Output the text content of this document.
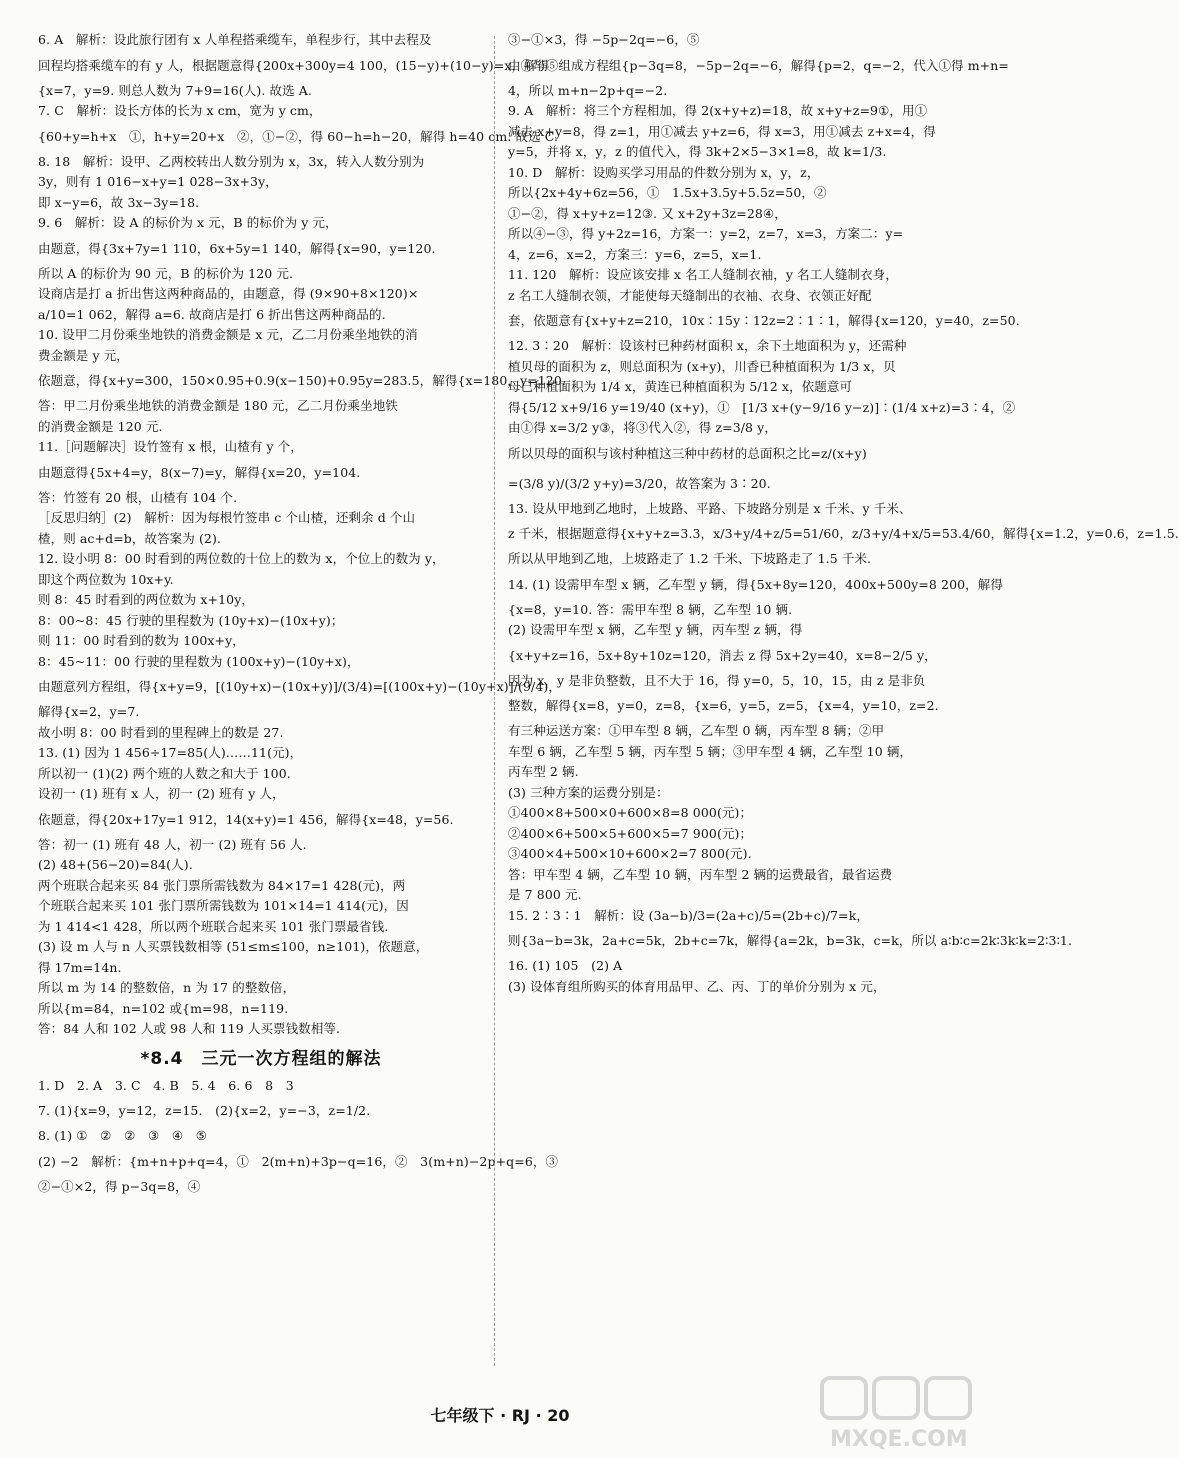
6. A　解析：设此旅行团有 x 人单程搭乘缆车，单程步行，其中去程及
回程均搭乘缆车的有 y 人，根据题意得{200x+300y=4 100，(15−y)+(10−y)=x，解得
{x=7，y=9. 则总人数为 7+9=16(人). 故选 A.
7. C　解析：设长方体的长为 x cm，宽为 y cm，
{60+y=h+x　①，h+y=20+x　②，①−②，得 60−h=h−20，解得 h=40 cm. 故选 C.
8. 18　解析：设甲、乙两校转出人数分别为 x，3x，转入人数分别为
3y，则有 1 016−x+y=1 028−3x+3y，
即 x−y=6，故 3x−3y=18.
9. 6　解析：设 A 的标价为 x 元，B 的标价为 y 元，
由题意，得{3x+7y=1 110，6x+5y=1 140，解得{x=90，y=120.
所以 A 的标价为 90 元，B 的标价为 120 元.
设商店是打 a 折出售这两种商品的，由题意，得 (9×90+8×120)×
a/10=1 062，解得 a=6. 故商店是打 6 折出售这两种商品的.
10. 设甲二月份乘坐地铁的消费金额是 x 元，乙二月份乘坐地铁的消
费金额是 y 元，
依题意，得{x+y=300，150×0.95+0.9(x−150)+0.95y=283.5，解得{x=180，y=120.
答：甲二月份乘坐地铁的消费金额是 180 元，乙二月份乘坐地铁
的消费金额是 120 元.
11.［问题解决］设竹签有 x 根，山楂有 y 个，
由题意得{5x+4=y，8(x−7)=y，解得{x=20，y=104.
答：竹签有 20 根，山楂有 104 个.
［反思归纳］(2)　解析：因为每根竹签串 c 个山楂，还剩余 d 个山
楂，则 ac+d=b，故答案为 (2).
12. 设小明 8：00 时看到的两位数的十位上的数为 x，个位上的数为 y，
即这个两位数为 10x+y.
则 8：45 时看到的两位数为 x+10y，
8：00~8：45 行驶的里程数为 (10y+x)−(10x+y)；
则 11：00 时看到的数为 100x+y，
8：45~11：00 行驶的里程数为 (100x+y)−(10y+x)，
由题意列方程组，得{x+y=9，[(10y+x)−(10x+y)]/(3/4)=[(100x+y)−(10y+x)]/(9/4)，
解得{x=2，y=7.
故小明 8：00 时看到的里程碑上的数是 27.
13. (1) 因为 1 456÷17=85(人)……11(元)，
所以初一 (1)(2) 两个班的人数之和大于 100.
设初一 (1) 班有 x 人，初一 (2) 班有 y 人，
依题意，得{20x+17y=1 912，14(x+y)=1 456，解得{x=48，y=56.
答：初一 (1) 班有 48 人，初一 (2) 班有 56 人.
(2) 48+(56−20)=84(人).
两个班联合起来买 84 张门票所需钱数为 84×17=1 428(元)，两
个班联合起来买 101 张门票所需钱数为 101×14=1 414(元)，因
为 1 414<1 428，所以两个班联合起来买 101 张门票最省钱.
(3) 设 m 人与 n 人买票钱数相等 (51≤m≤100，n≥101)，依题意，
得 17m=14n.
所以 m 为 14 的整数倍，n 为 17 的整数倍，
所以{m=84，n=102 或{m=98，n=119.
答：84 人和 102 人或 98 人和 119 人买票钱数相等.
*8.4　三元一次方程组的解法
1. D　2. A　3. C　4. B　5. 4　6. 6　8　3
7. (1){x=9，y=12，z=15.　(2){x=2，y=−3，z=1/2.
8. (1) ①　②　②　③　④　⑤
(2) −2　解析：{m+n+p+q=4，①　2(m+n)+3p−q=16，②　3(m+n)−2p+q=6，③
②−①×2，得 p−3q=8，④
③−①×3，得 −5p−2q=−6，⑤
由④与⑤组成方程组{p−3q=8，−5p−2q=−6，解得{p=2，q=−2，代入①得 m+n=
4，所以 m+n−2p+q=−2.
9. A　解析：将三个方程相加，得 2(x+y+z)=18，故 x+y+z=9①，用①
减去 x+y=8，得 z=1，用①减去 y+z=6，得 x=3，用①减去 z+x=4，得
y=5，并将 x，y，z 的值代入，得 3k+2×5−3×1=8，故 k=1/3.
10. D　解析：设购买学习用品的件数分别为 x，y，z，
所以{2x+4y+6z=56，①　1.5x+3.5y+5.5z=50，②
①−②，得 x+y+z=12③. 又 x+2y+3z=28④，
所以④−③，得 y+2z=16，方案一：y=2，z=7，x=3，方案二：y=
4，z=6，x=2，方案三：y=6，z=5，x=1.
11. 120　解析：设应该安排 x 名工人缝制衣袖，y 名工人缝制衣身，
z 名工人缝制衣领，才能使每天缝制出的衣袖、衣身、衣领正好配
套，依题意有{x+y+z=210，10x∶15y∶12z=2∶1∶1，解得{x=120，y=40，z=50.
12. 3∶20　解析：设该村已种药材面积 x，余下土地面积为 y，还需种
植贝母的面积为 z，则总面积为 (x+y)，川香已种植面积为 1/3 x，贝
母已种植面积为 1/4 x，黄连已种植面积为 5/12 x，依题意可
得{5/12 x+9/16 y=19/40 (x+y)，①　[1/3 x+(y−9/16 y−z)]∶(1/4 x+z)=3∶4，②
由①得 x=3/2 y③，将③代入②，得 z=3/8 y，
所以贝母的面积与该村种植这三种中药材的总面积之比=z/(x+y)
=(3/8 y)/(3/2 y+y)=3/20，故答案为 3∶20.
13. 设从甲地到乙地时，上坡路、平路、下坡路分别是 x 千米、y 千米、
z 千米，根据题意得{x+y+z=3.3，x/3+y/4+z/5=51/60，z/3+y/4+x/5=53.4/60，解得{x=1.2，y=0.6，z=1.5.
所以从甲地到乙地，上坡路走了 1.2 千米、下坡路走了 1.5 千米.
14. (1) 设需甲车型 x 辆，乙车型 y 辆，得{5x+8y=120，400x+500y=8 200，解得
{x=8，y=10. 答：需甲车型 8 辆，乙车型 10 辆.
(2) 设需甲车型 x 辆，乙车型 y 辆，丙车型 z 辆，得
{x+y+z=16，5x+8y+10z=120，消去 z 得 5x+2y=40，x=8−2/5 y，
因为 x，y 是非负整数，且不大于 16，得 y=0，5，10，15，由 z 是非负
整数，解得{x=8，y=0，z=8，{x=6，y=5，z=5，{x=4，y=10，z=2.
有三种运送方案：①甲车型 8 辆，乙车型 0 辆，丙车型 8 辆；②甲
车型 6 辆，乙车型 5 辆，丙车型 5 辆；③甲车型 4 辆，乙车型 10 辆，
丙车型 2 辆.
(3) 三种方案的运费分别是：
①400×8+500×0+600×8=8 000(元)；
②400×6+500×5+600×5=7 900(元)；
③400×4+500×10+600×2=7 800(元).
答：甲车型 4 辆，乙车型 10 辆，丙车型 2 辆的运费最省，最省运费
是 7 800 元.
15. 2∶3∶1　解析：设 (3a−b)/3=(2a+c)/5=(2b+c)/7=k，
则{3a−b=3k，2a+c=5k，2b+c=7k，解得{a=2k，b=3k，c=k，所以 a∶b∶c=2k∶3k∶k=2∶3∶1.
16. (1) 105　(2) A
(3) 设体育组所购买的体育用品甲、乙、丙、丁的单价分别为 x 元，
七年级下 · RJ · 20
MXQE.COM
